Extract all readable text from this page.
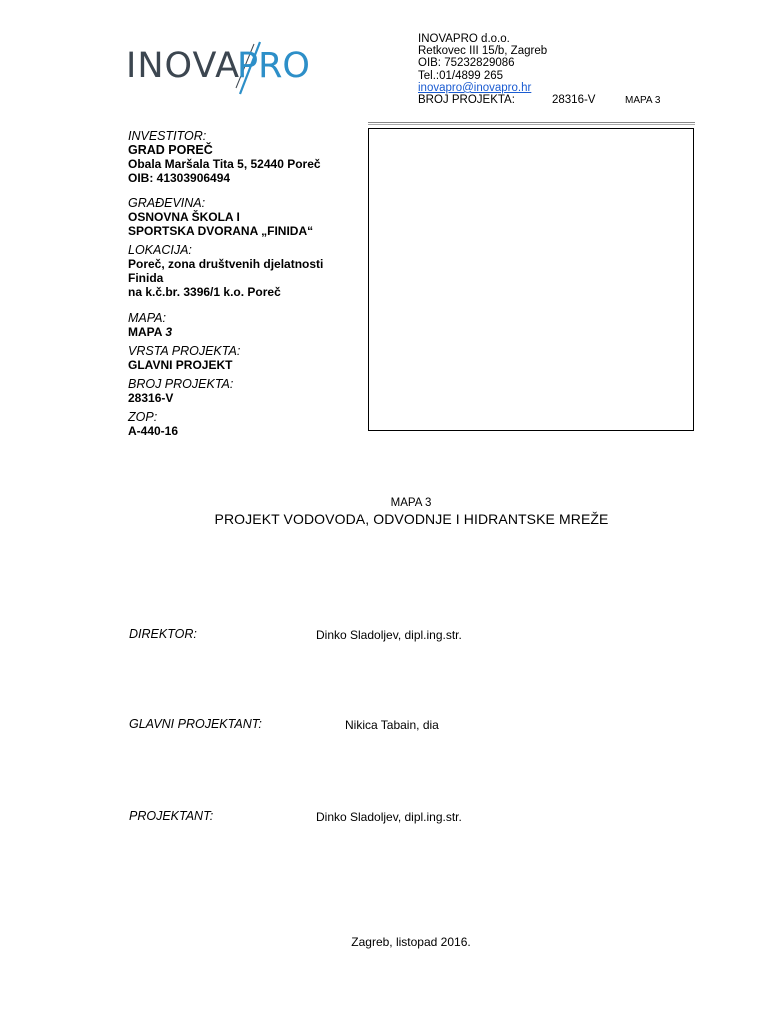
INOVA
PRO
INOVAPRO d.o.o.
Retkovec III 15/b, Zagreb
OIB: 75232829086
Tel.:01/4899 265
inovapro@inovapro.hr
BROJ PROJEKTA:	28316-V	MAPA 3
INVESTITOR:
GRAD POREČ
Obala Maršala Tita 5, 52440 Poreč
OIB: 41303906494
GRAĐEVINA:
OSNOVNA ŠKOLA I
SPORTSKA DVORANA „FINIDA“
LOKACIJA:
Poreč, zona društvenih djelatnosti
Finida
na k.č.br. 3396/1 k.o. Poreč
MAPA:
MAPA 3
VRSTA PROJEKTA:
GLAVNI PROJEKT
BROJ PROJEKTA:
28316-V
ZOP:
A-440-16
MAPA 3
PROJEKT VODOVODA, ODVODNJE I HIDRANTSKE MREŽE
DIREKTOR:	Dinko Sladoljev, dipl.ing.str.
GLAVNI PROJEKTANT:	Nikica Tabain, dia
PROJEKTANT:	Dinko Sladoljev, dipl.ing.str.
Zagreb, listopad 2016.
